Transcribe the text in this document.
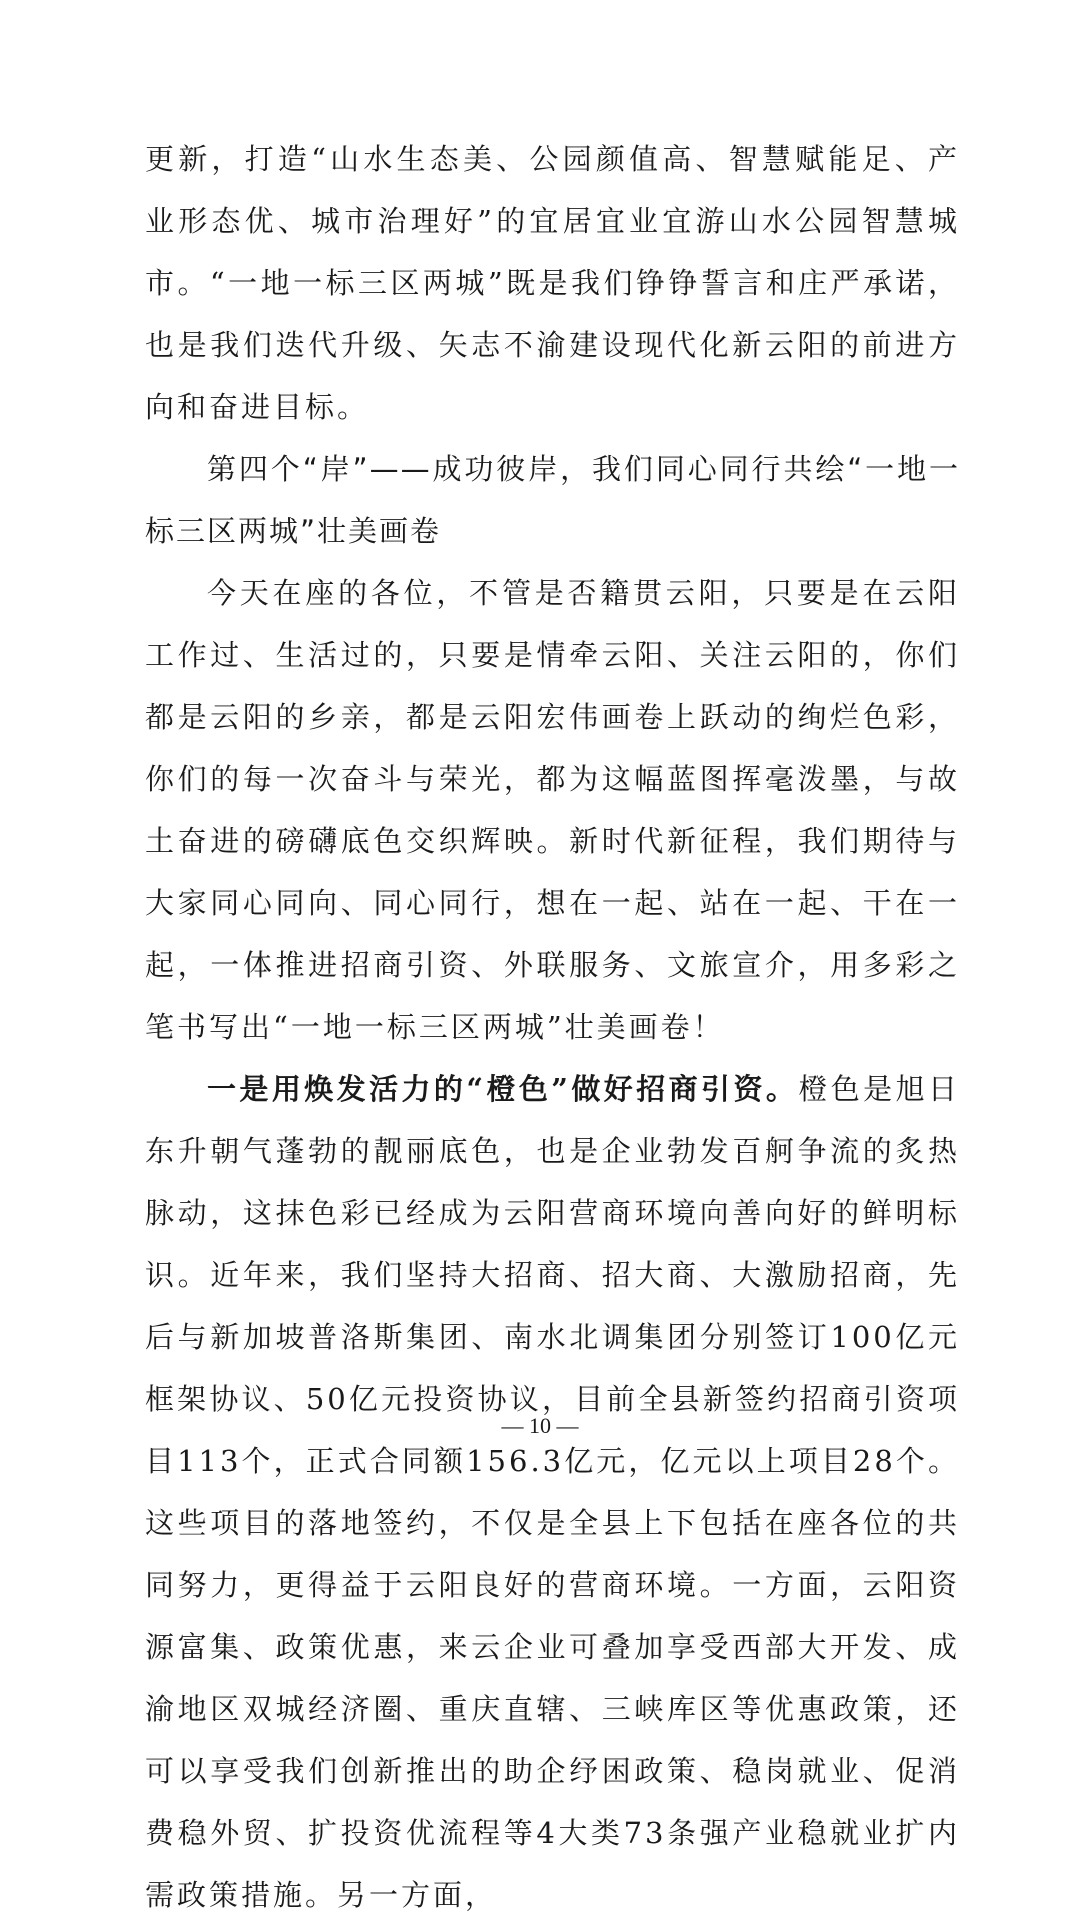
更新，打造“山水生态美、公园颜值高、智慧赋能足、产业形态优、城市治理好”的宜居宜业宜游山水公园智慧城市。“一地一标三区两城”既是我们铮铮誓言和庄严承诺，也是我们迭代升级、矢志不渝建设现代化新云阳的前进方向和奋进目标。

第四个“岸”——成功彼岸，我们同心同行共绘“一地一标三区两城”壮美画卷

今天在座的各位，不管是否籍贯云阳，只要是在云阳工作过、生活过的，只要是情牵云阳、关注云阳的，你们都是云阳的乡亲，都是云阳宏伟画卷上跃动的绚烂色彩，你们的每一次奋斗与荣光，都为这幅蓝图挥毫泼墨，与故土奋进的磅礴底色交织辉映。新时代新征程，我们期待与大家同心同向、同心同行，想在一起、站在一起、干在一起，一体推进招商引资、外联服务、文旅宣介，用多彩之笔书写出“一地一标三区两城”壮美画卷！

一是用焕发活力的“橙色”做好招商引资。橙色是旭日东升朝气蓬勃的靓丽底色，也是企业勃发百舸争流的炙热脉动，这抹色彩已经成为云阳营商环境向善向好的鲜明标识。近年来，我们坚持大招商、招大商、大激励招商，先后与新加坡普洛斯集团、南水北调集团分别签订100亿元框架协议、50亿元投资协议，目前全县新签约招商引资项目113个，正式合同额156.3亿元，亿元以上项目28个。这些项目的落地签约，不仅是全县上下包括在座各位的共同努力，更得益于云阳良好的营商环境。一方面，云阳资源富集、政策优惠，来云企业可叠加享受西部大开发、成渝地区双城经济圈、重庆直辖、三峡库区等优惠政策，还可以享受我们创新推出的助企纾困政策、稳岗就业、促消费稳外贸、扩投资优流程等4大类73条强产业稳就业扩内需政策措施。另一方面，

— 10 —
